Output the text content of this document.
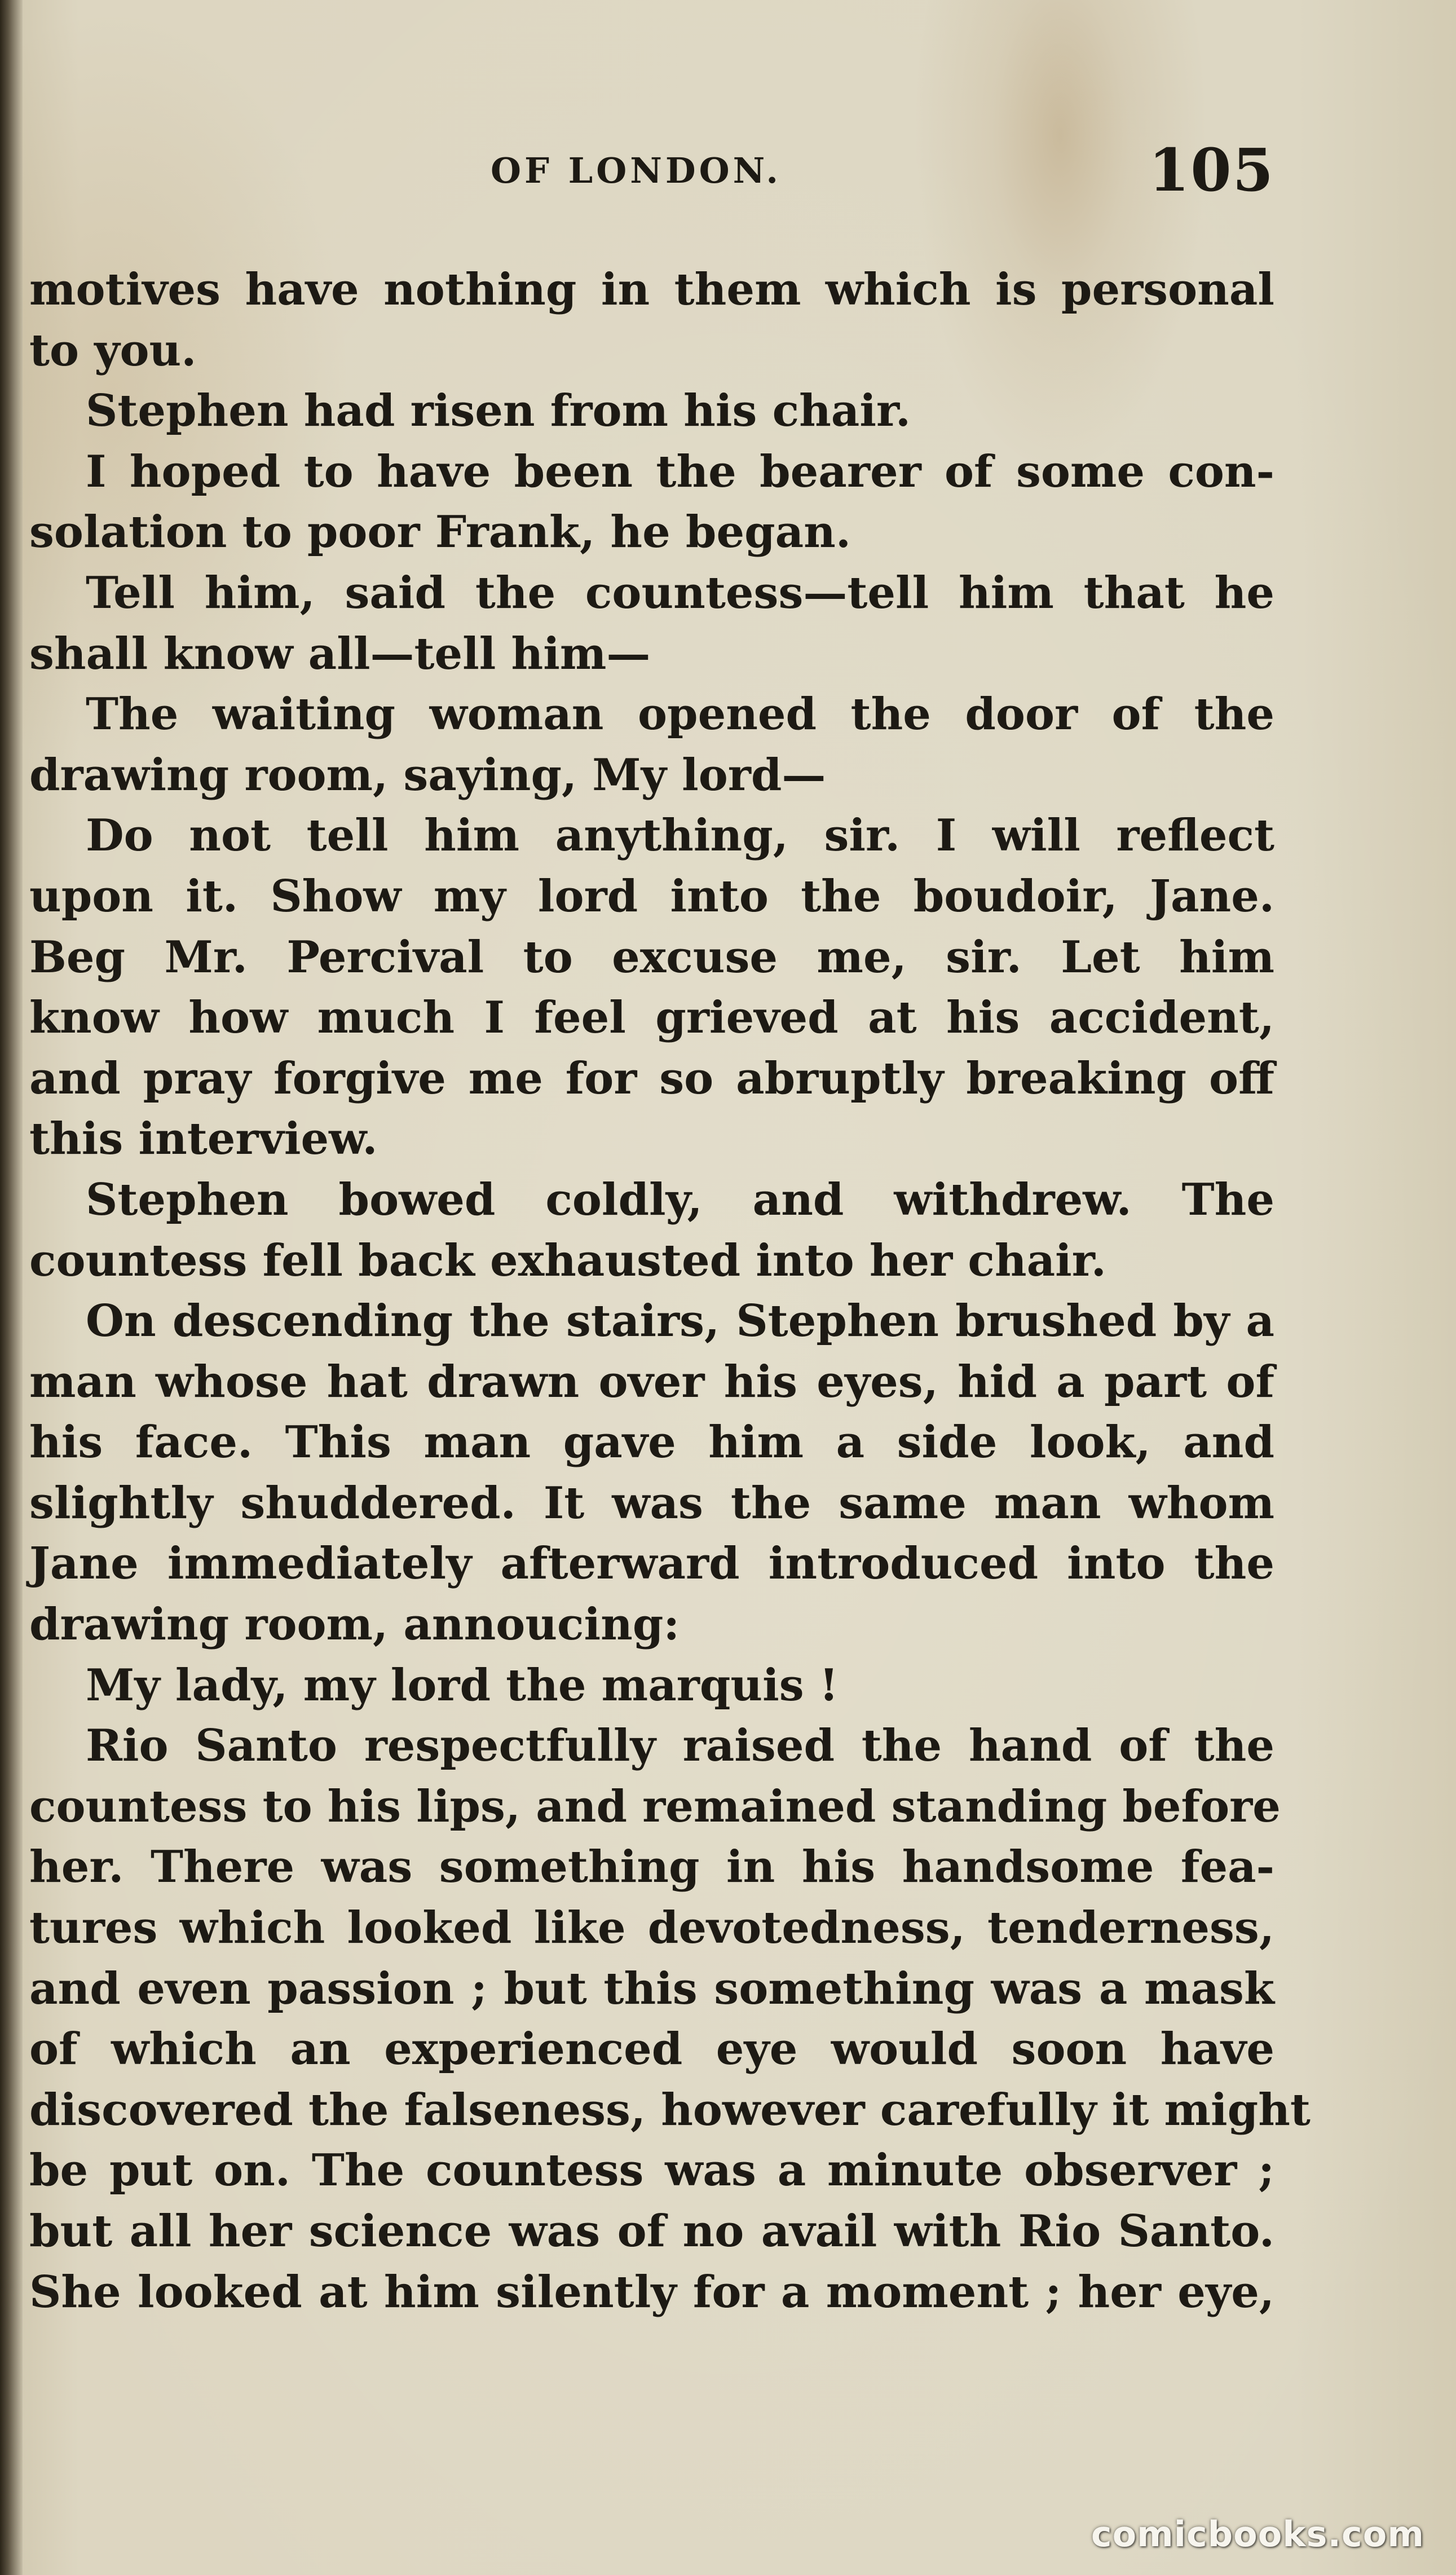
OF LONDON.	105
motives have nothing in them which is personal
to you.
Stephen had risen from his chair.
I hoped to have been the bearer of some con-
solation to poor Frank, he began.
Tell him, said the countess—tell him that he
shall know all—tell him—
The waiting woman opened the door of the
drawing room, saying, My lord—
Do not tell him anything, sir. I will reflect
upon it. Show my lord into the boudoir, Jane.
Beg Mr. Percival to excuse me, sir. Let him
know how much I feel grieved at his accident,
and pray forgive me for so abruptly breaking off
this interview.
Stephen bowed coldly, and withdrew. The
countess fell back exhausted into her chair.
On descending the stairs, Stephen brushed by a
man whose hat drawn over his eyes, hid a part of
his face. This man gave him a side look, and
slightly shuddered. It was the same man whom
Jane immediately afterward introduced into the
drawing room, annoucing:
My lady, my lord the marquis !
Rio Santo respectfully raised the hand of the
countess to his lips, and remained standing before
her. There was something in his handsome fea-
tures which looked like devotedness, tenderness,
and even passion ; but this something was a mask
of which an experienced eye would soon have
discovered the falseness, however carefully it might
be put on. The countess was a minute observer ;
but all her science was of no avail with Rio Santo.
She looked at him silently for a moment ; her eye,
comicbooks.com
